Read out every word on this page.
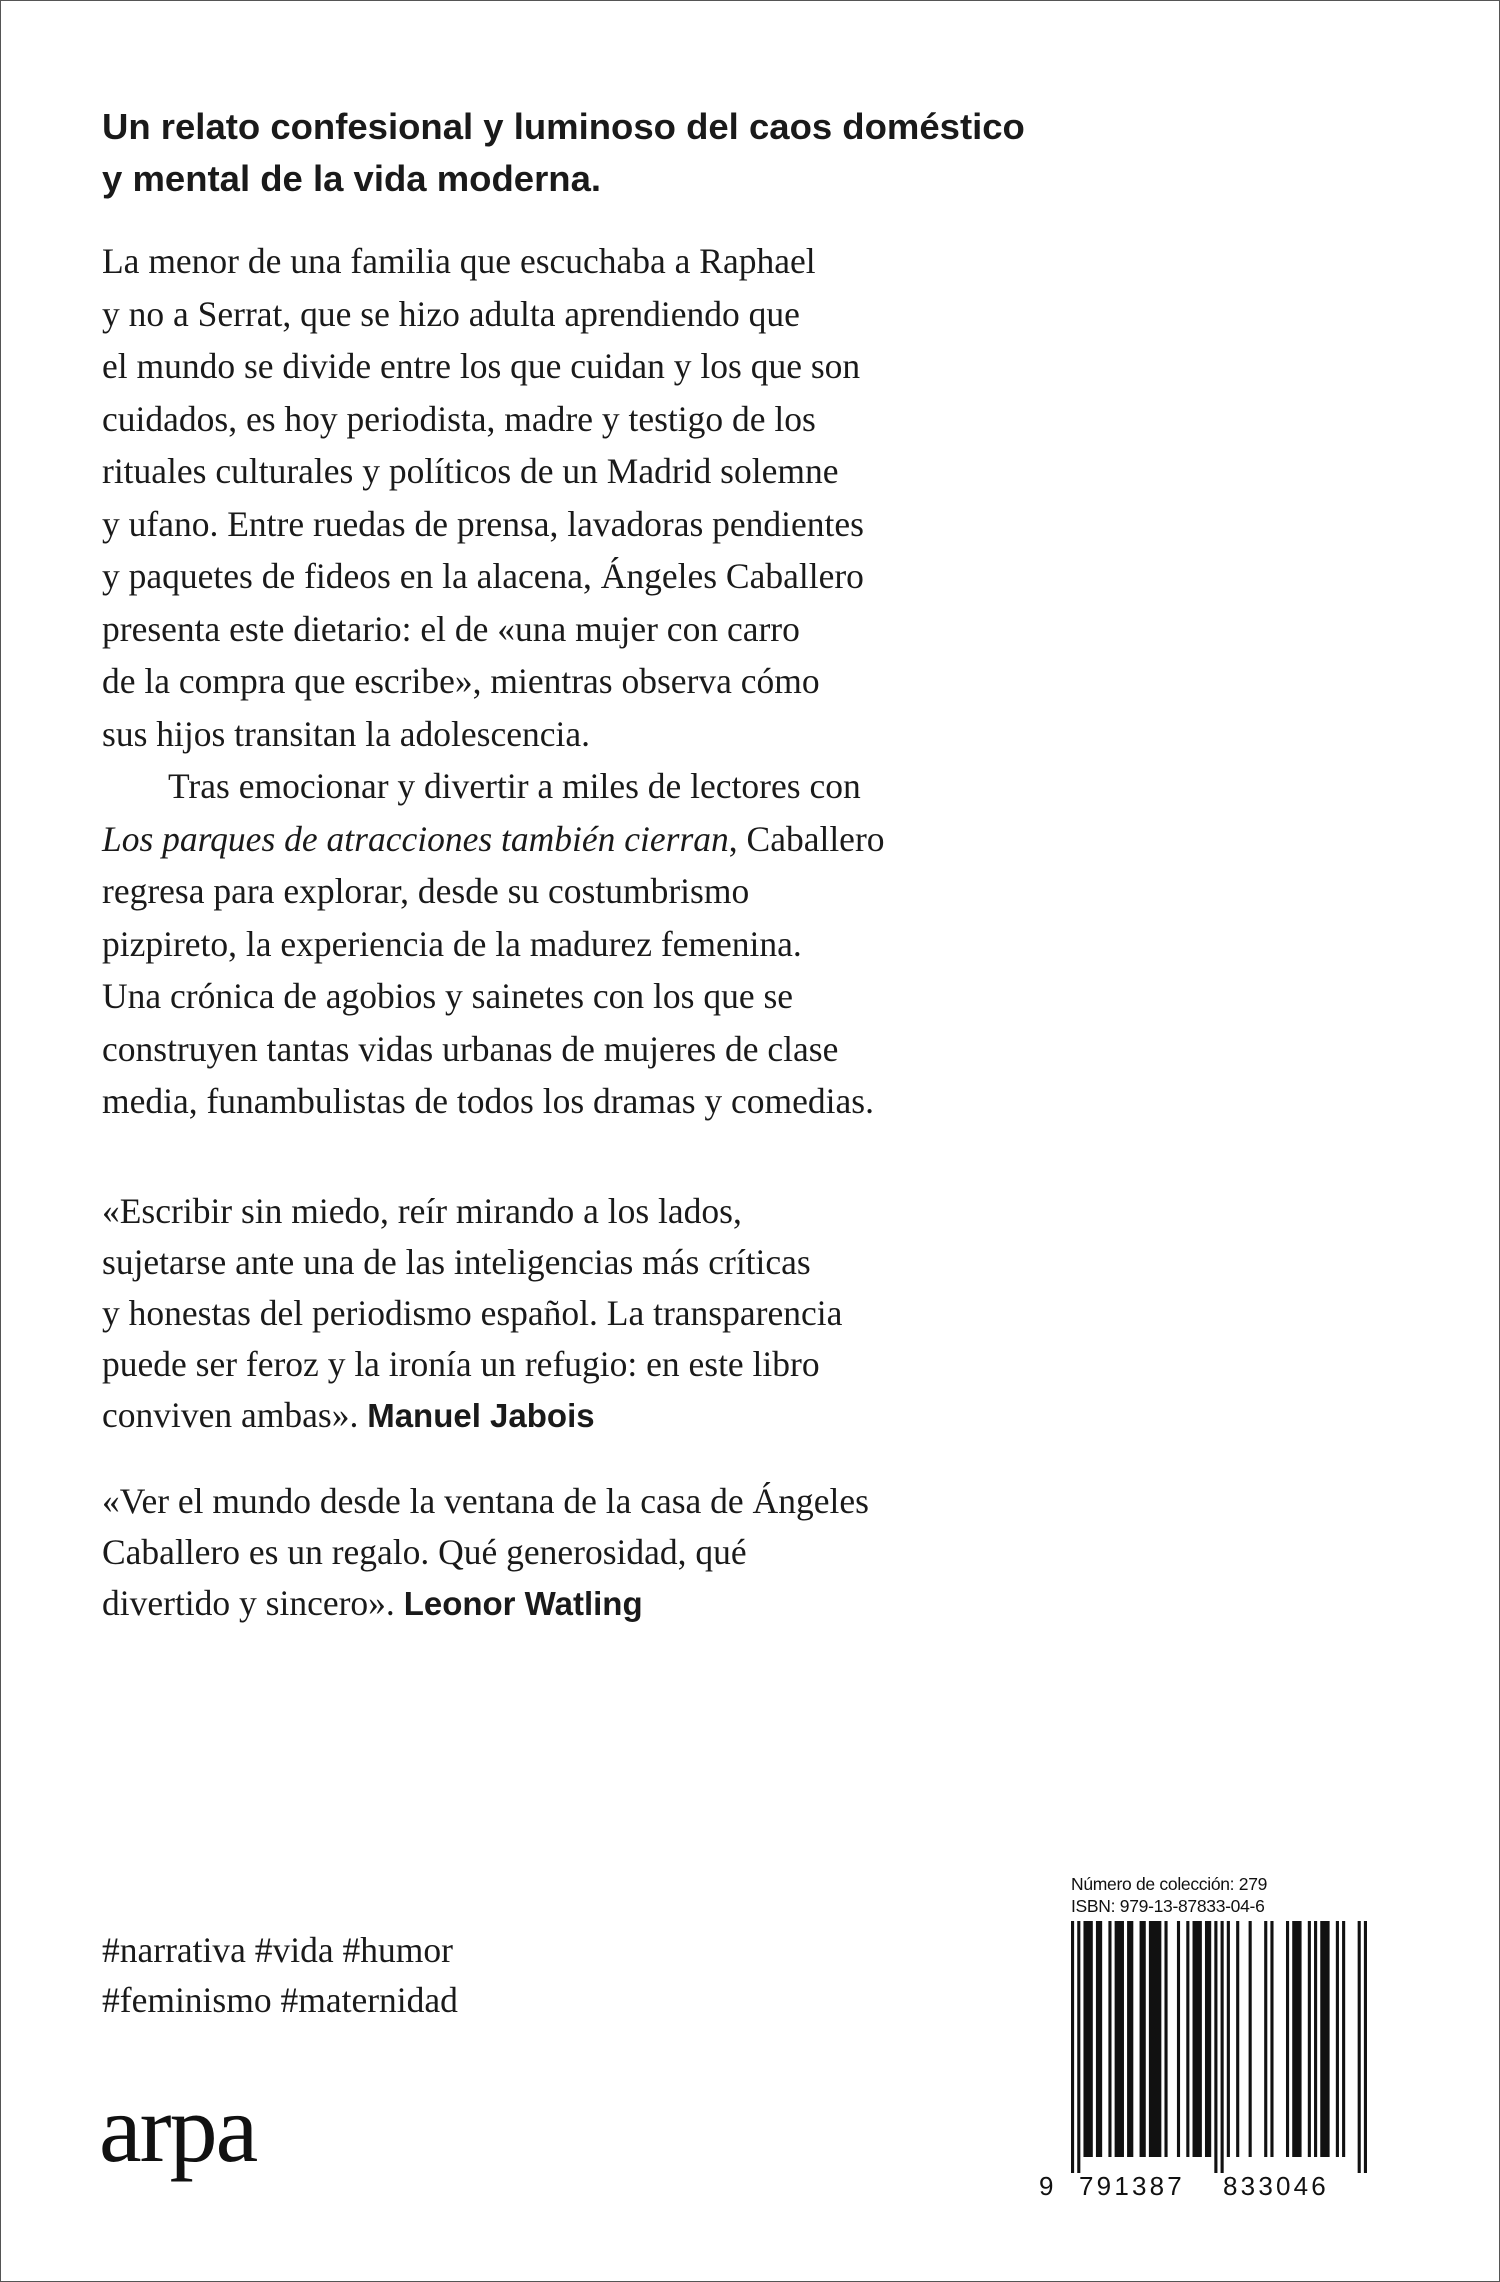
Un relato confesional y luminoso del caos doméstico
y mental de la vida moderna.
La menor de una familia que escuchaba a Raphael
y no a Serrat, que se hizo adulta aprendiendo que
el mundo se divide entre los que cuidan y los que son
cuidados, es hoy periodista, madre y testigo de los
rituales culturales y políticos de un Madrid solemne
y ufano. Entre ruedas de prensa, lavadoras pendientes
y paquetes de fideos en la alacena, Ángeles Caballero
presenta este dietario: el de «una mujer con carro
de la compra que escribe», mientras observa cómo
sus hijos transitan la adolescencia.
Tras emocionar y divertir a miles de lectores con
Los parques de atracciones también cierran, Caballero
regresa para explorar, desde su costumbrismo
pizpireto, la experiencia de la madurez femenina.
Una crónica de agobios y sainetes con los que se
construyen tantas vidas urbanas de mujeres de clase
media, funambulistas de todos los dramas y comedias.
«Escribir sin miedo, reír mirando a los lados,
sujetarse ante una de las inteligencias más críticas
y honestas del periodismo español. La transparencia
puede ser feroz y la ironía un refugio: en este libro
conviven ambas». Manuel Jabois
«Ver el mundo desde la ventana de la casa de Ángeles
Caballero es un regalo. Qué generosidad, qué
divertido y sincero». Leonor Watling
#narrativa #vida #humor
#feminismo #maternidad
arpa
Número de colección: 279
ISBN: 979-13-87833-04-6
9 791387 833046
